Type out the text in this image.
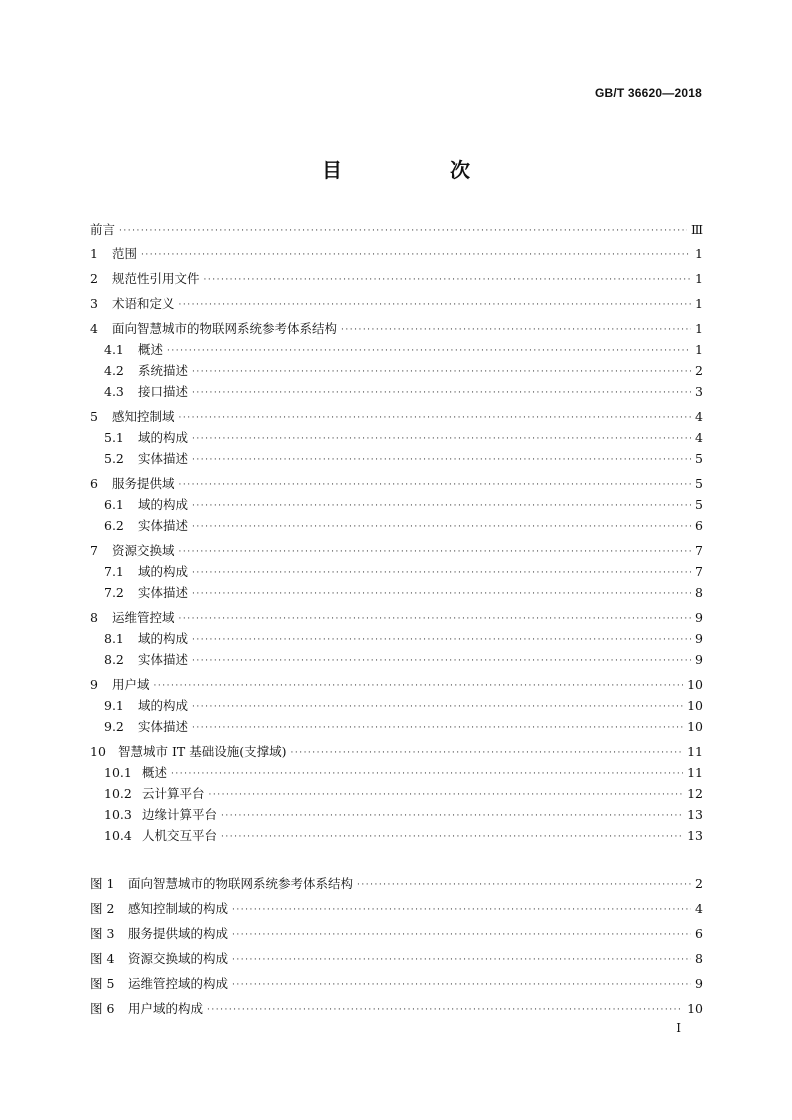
GB/T 36620—2018
目　次
前言 ·····	Ⅲ
1 范围 ·····	1
2 规范性引用文件 ·····	1
3 术语和定义 ·····	1
4 面向智慧城市的物联网系统参考体系结构 ·····	1
4.1 概述 ·····	1
4.2 系统描述 ·····	2
4.3 接口描述 ·····	3
5 感知控制域 ·····	4
5.1 域的构成 ·····	4
5.2 实体描述 ·····	5
6 服务提供域 ·····	5
6.1 域的构成 ·····	5
6.2 实体描述 ·····	6
7 资源交换域 ·····	7
7.1 域的构成 ·····	7
7.2 实体描述 ·····	8
8 运维管控域 ·····	9
8.1 域的构成 ·····	9
8.2 实体描述 ·····	9
9 用户域 ·····	10
9.1 域的构成 ·····	10
9.2 实体描述 ·····	10
10 智慧城市 IT 基础设施(支撑域) ·····	11
10.1 概述 ·····	11
10.2 云计算平台 ·····	12
10.3 边缘计算平台 ·····	13
10.4 人机交互平台 ·····	13
图 1 面向智慧城市的物联网系统参考体系结构 ·····	2
图 2 感知控制域的构成 ·····	4
图 3 服务提供域的构成 ·····	6
图 4 资源交换域的构成 ·····	8
图 5 运维管控域的构成 ·····	9
图 6 用户域的构成 ·····	10
I
